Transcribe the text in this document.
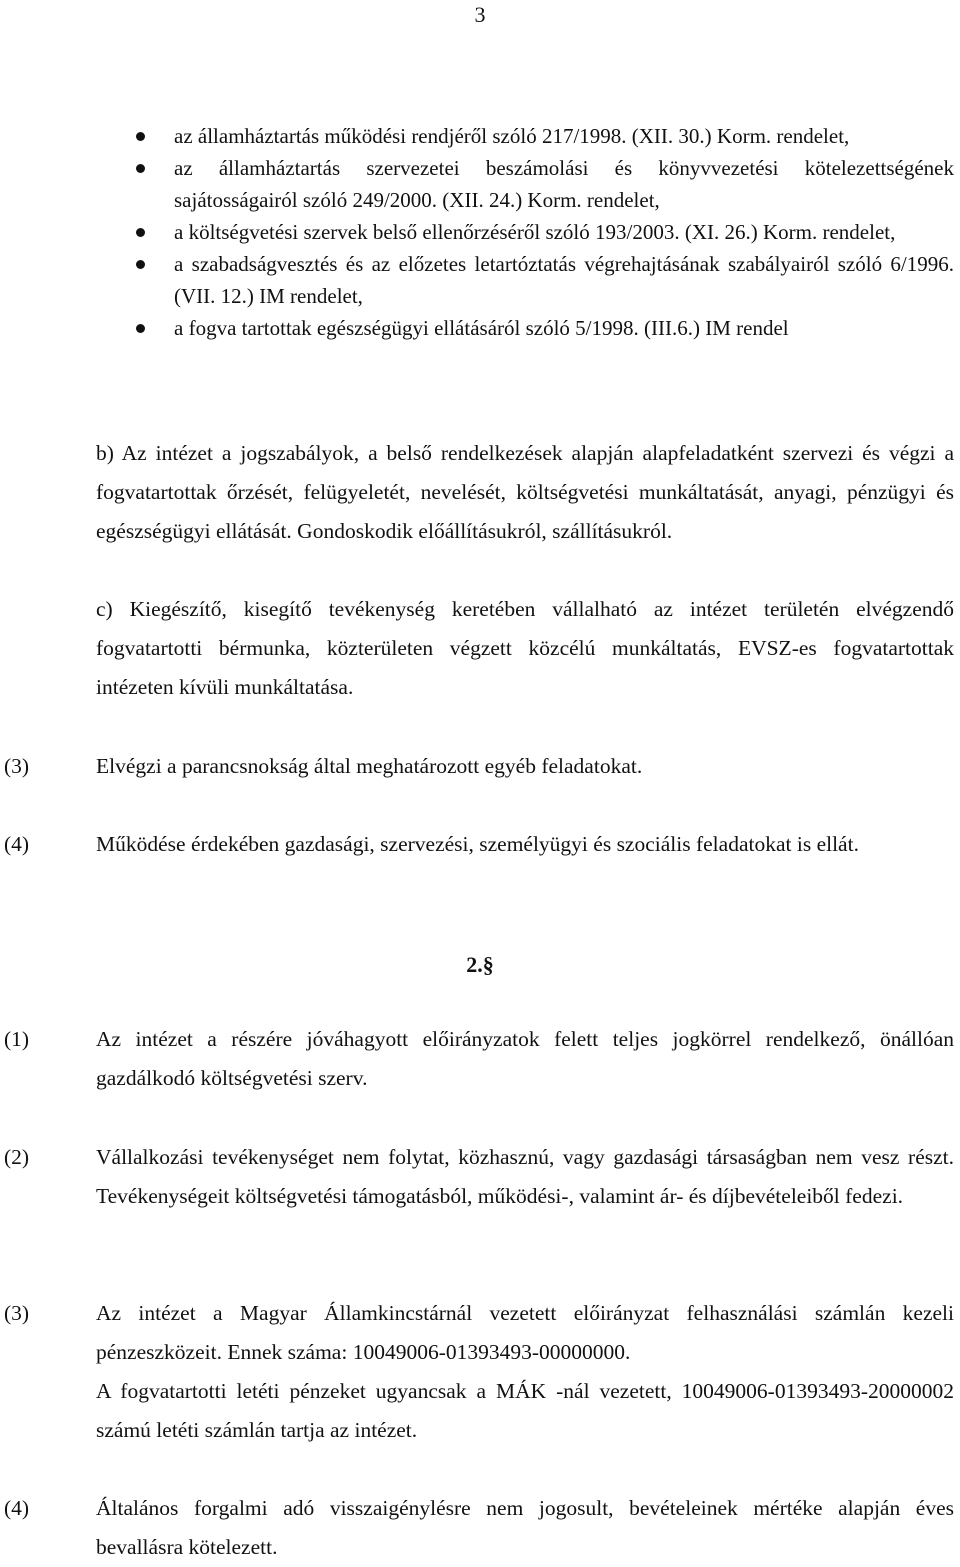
3
az államháztartás működési rendjéről szóló 217/1998. (XII. 30.) Korm. rendelet,
az államháztartás szervezetei beszámolási és könyvvezetési kötelezettségének sajátosságairól szóló 249/2000. (XII. 24.) Korm. rendelet,
a költségvetési szervek belső ellenőrzéséről szóló 193/2003. (XI. 26.) Korm. rendelet,
a szabadságvesztés és az előzetes letartóztatás végrehajtásának szabályairól szóló 6/1996. (VII. 12.) IM rendelet,
a fogva tartottak egészségügyi ellátásáról szóló 5/1998. (III.6.) IM rendel

b) Az intézet a jogszabályok, a belső rendelkezések alapján alapfeladatként szervezi és végzi a fogvatartottak őrzését, felügyeletét, nevelését, költségvetési munkáltatását, anyagi, pénzügyi és egészségügyi ellátását. Gondoskodik előállításukról, szállításukról.

c) Kiegészítő, kisegítő tevékenység keretében vállalható az intézet területén elvégzendő fogvatartotti bérmunka, közterületen végzett közcélú munkáltatás, EVSZ-es fogvatartottak intézeten kívüli munkáltatása.

(3)	Elvégzi a parancsnokság által meghatározott egyéb feladatokat.
(4)	Működése érdekében gazdasági, szervezési, személyügyi és szociális feladatokat is ellát.
2.§
(1)	Az intézet a részére jóváhagyott előirányzatok felett teljes jogkörrel rendelkező, önállóan gazdálkodó költségvetési szerv.
(2)	Vállalkozási tevékenységet nem folytat, közhasznú, vagy gazdasági társaságban nem vesz részt. Tevékenységeit költségvetési támogatásból, működési-, valamint ár- és díjbevételeiből fedezi.
(3)	Az intézet a Magyar Államkincstárnál vezetett előirányzat felhasználási számlán kezeli pénzeszközeit. Ennek száma: 10049006-01393493-00000000.

A fogvatartotti letéti pénzeket ugyancsak a MÁK -nál vezetett, 10049006-01393493-20000002 számú letéti számlán tartja az intézet.

(4)	Általános forgalmi adó visszaigénylésre nem jogosult, bevételeinek mértéke alapján éves bevallásra kötelezett.
